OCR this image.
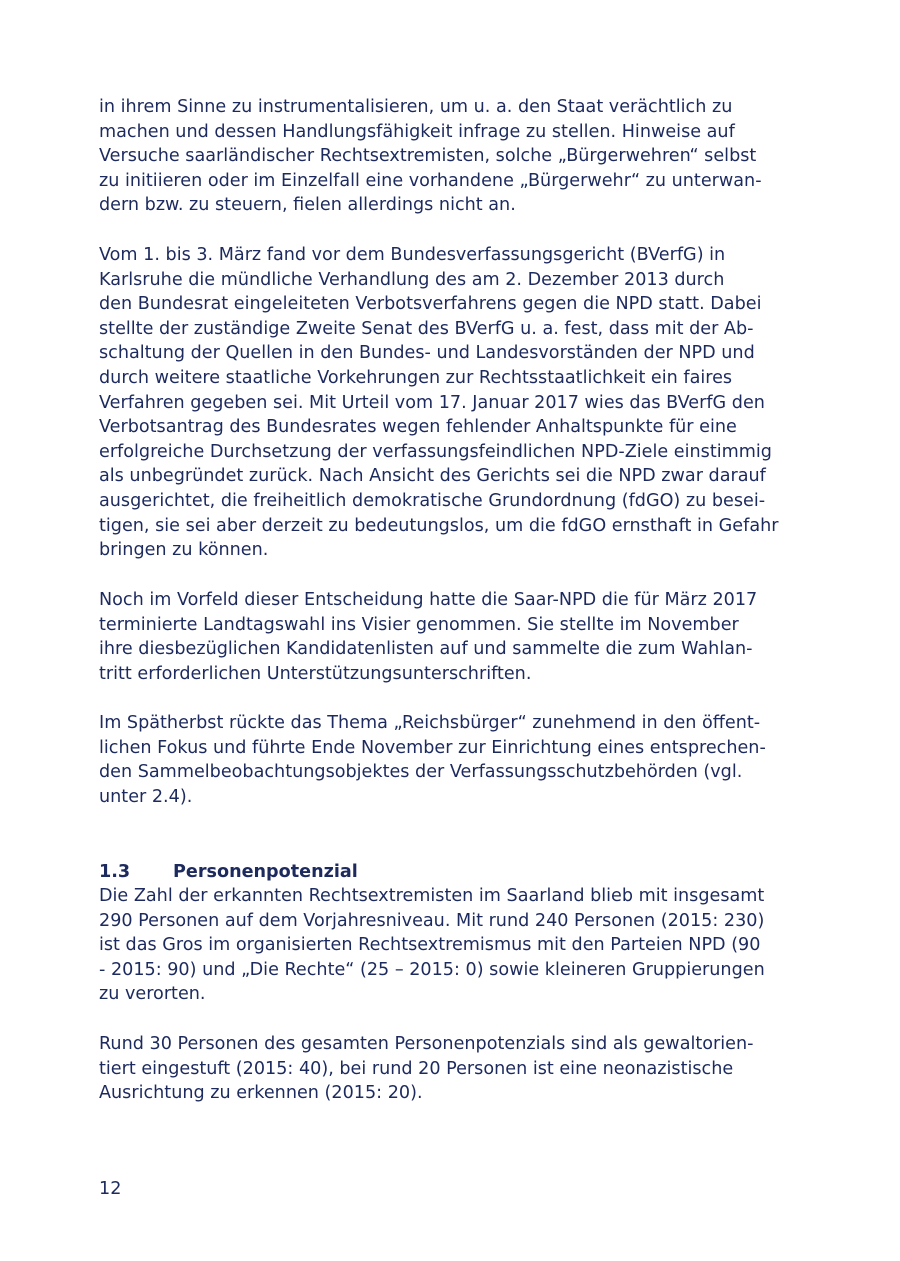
in ihrem Sinne zu instrumentalisieren, um u. a. den Staat verächtlich zu
machen und dessen Handlungsfähigkeit infrage zu stellen. Hinweise auf
Versuche saarländischer Rechtsextremisten, solche „Bürgerwehren“ selbst
zu initiieren oder im Einzelfall eine vorhandene „Bürgerwehr“ zu unterwan-
dern bzw. zu steuern, fielen allerdings nicht an.
Vom 1. bis 3. März fand vor dem Bundesverfassungsgericht (BVerfG) in
Karlsruhe die mündliche Verhandlung des am 2. Dezember 2013 durch
den Bundesrat eingeleiteten Verbotsverfahrens gegen die NPD statt. Dabei
stellte der zuständige Zweite Senat des BVerfG u. a. fest, dass mit der Ab-
schaltung der Quellen in den Bundes- und Landesvorständen der NPD und
durch weitere staatliche Vorkehrungen zur Rechtsstaatlichkeit ein faires
Verfahren gegeben sei. Mit Urteil vom 17. Januar 2017 wies das BVerfG den
Verbotsantrag des Bundesrates wegen fehlender Anhaltspunkte für eine
erfolgreiche Durchsetzung der verfassungsfeindlichen NPD-Ziele einstimmig
als unbegründet zurück. Nach Ansicht des Gerichts sei die NPD zwar darauf
ausgerichtet, die freiheitlich demokratische Grundordnung (fdGO) zu besei-
tigen, sie sei aber derzeit zu bedeutungslos, um die fdGO ernsthaft in Gefahr
bringen zu können.
Noch im Vorfeld dieser Entscheidung hatte die Saar-NPD die für März 2017
terminierte Landtagswahl ins Visier genommen. Sie stellte im November
ihre diesbezüglichen Kandidatenlisten auf und sammelte die zum Wahlan-
tritt erforderlichen Unterstützungsunterschriften.
Im Spätherbst rückte das Thema „Reichsbürger“ zunehmend in den öffent-
lichen Fokus und führte Ende November zur Einrichtung eines entsprechen-
den Sammelbeobachtungsobjektes der Verfassungsschutzbehörden (vgl.
unter 2.4).
1.3 Personenpotenzial
Die Zahl der erkannten Rechtsextremisten im Saarland blieb mit insgesamt
290 Personen auf dem Vorjahresniveau. Mit rund 240 Personen (2015: 230)
ist das Gros im organisierten Rechtsextremismus mit den Parteien NPD (90
- 2015: 90) und „Die Rechte“ (25 – 2015: 0) sowie kleineren Gruppierungen
zu verorten.
Rund 30 Personen des gesamten Personenpotenzials sind als gewaltorien-
tiert eingestuft (2015: 40), bei rund 20 Personen ist eine neonazistische
Ausrichtung zu erkennen (2015: 20).
12
